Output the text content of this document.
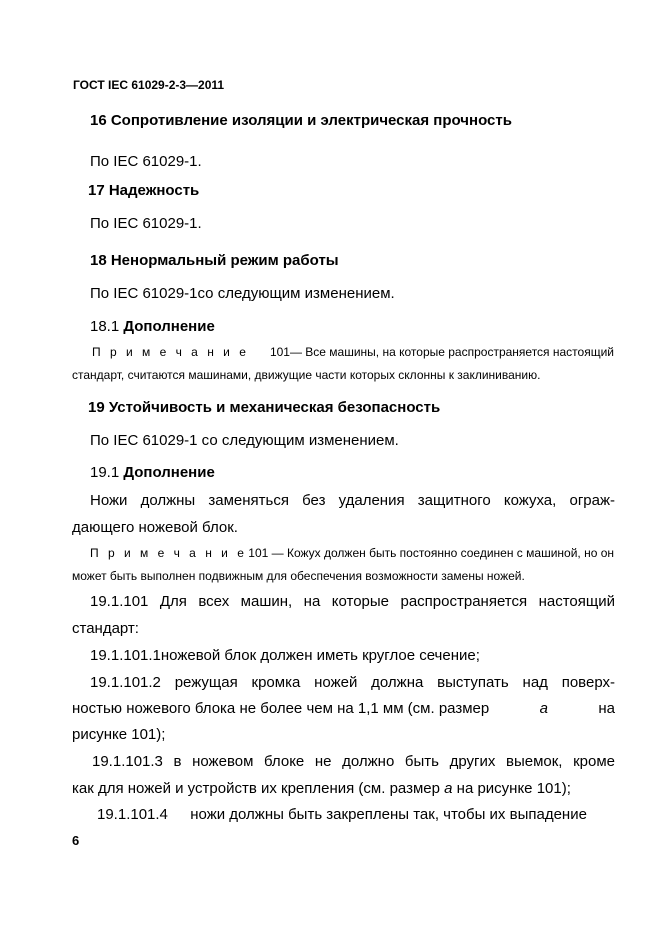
ГОСТ IEC 61029-2-3—2011
16 Сопротивление изоляции и электрическая прочность
По IEC 61029-1.
17 Надежность
По IEC 61029-1.
18 Ненормальный режим работы
По IEC 61029-1со следующим изменением.
18.1 Дополнение
П р и м е ч а н и е 101— Все машины, на которые распространяется настоящий
стандарт, считаются машинами, движущие части которых склонны к заклиниванию.
19 Устойчивость и механическая безопасность
По IEC 61029-1 со следующим изменением.
19.1 Дополнение
Ножи должны заменяться без удаления защитного кожуха, ограж-
дающего ножевой блок.
П р и м е ч а н и е 101 — Кожух должен быть постоянно соединен с машиной, но он
может быть выполнен подвижным для обеспечения возможности замены ножей.
19.1.101 Для всех машин, на которые распространяется настоящий
стандарт:
19.1.101.1ножевой блок должен иметь круглое сечение;
19.1.101.2 режущая кромка ножей должна выступать над поверх-
ностью ножевого блока не более чем на 1,1 мм (см. размер	а	на
рисунке 101);
19.1.101.3 в ножевом блоке не должно быть других выемок, кроме
как для ножей и устройств их крепления (см. размер а на рисунке 101);
19.1.101.4 ножи должны быть закреплены так, чтобы их выпадение
6
